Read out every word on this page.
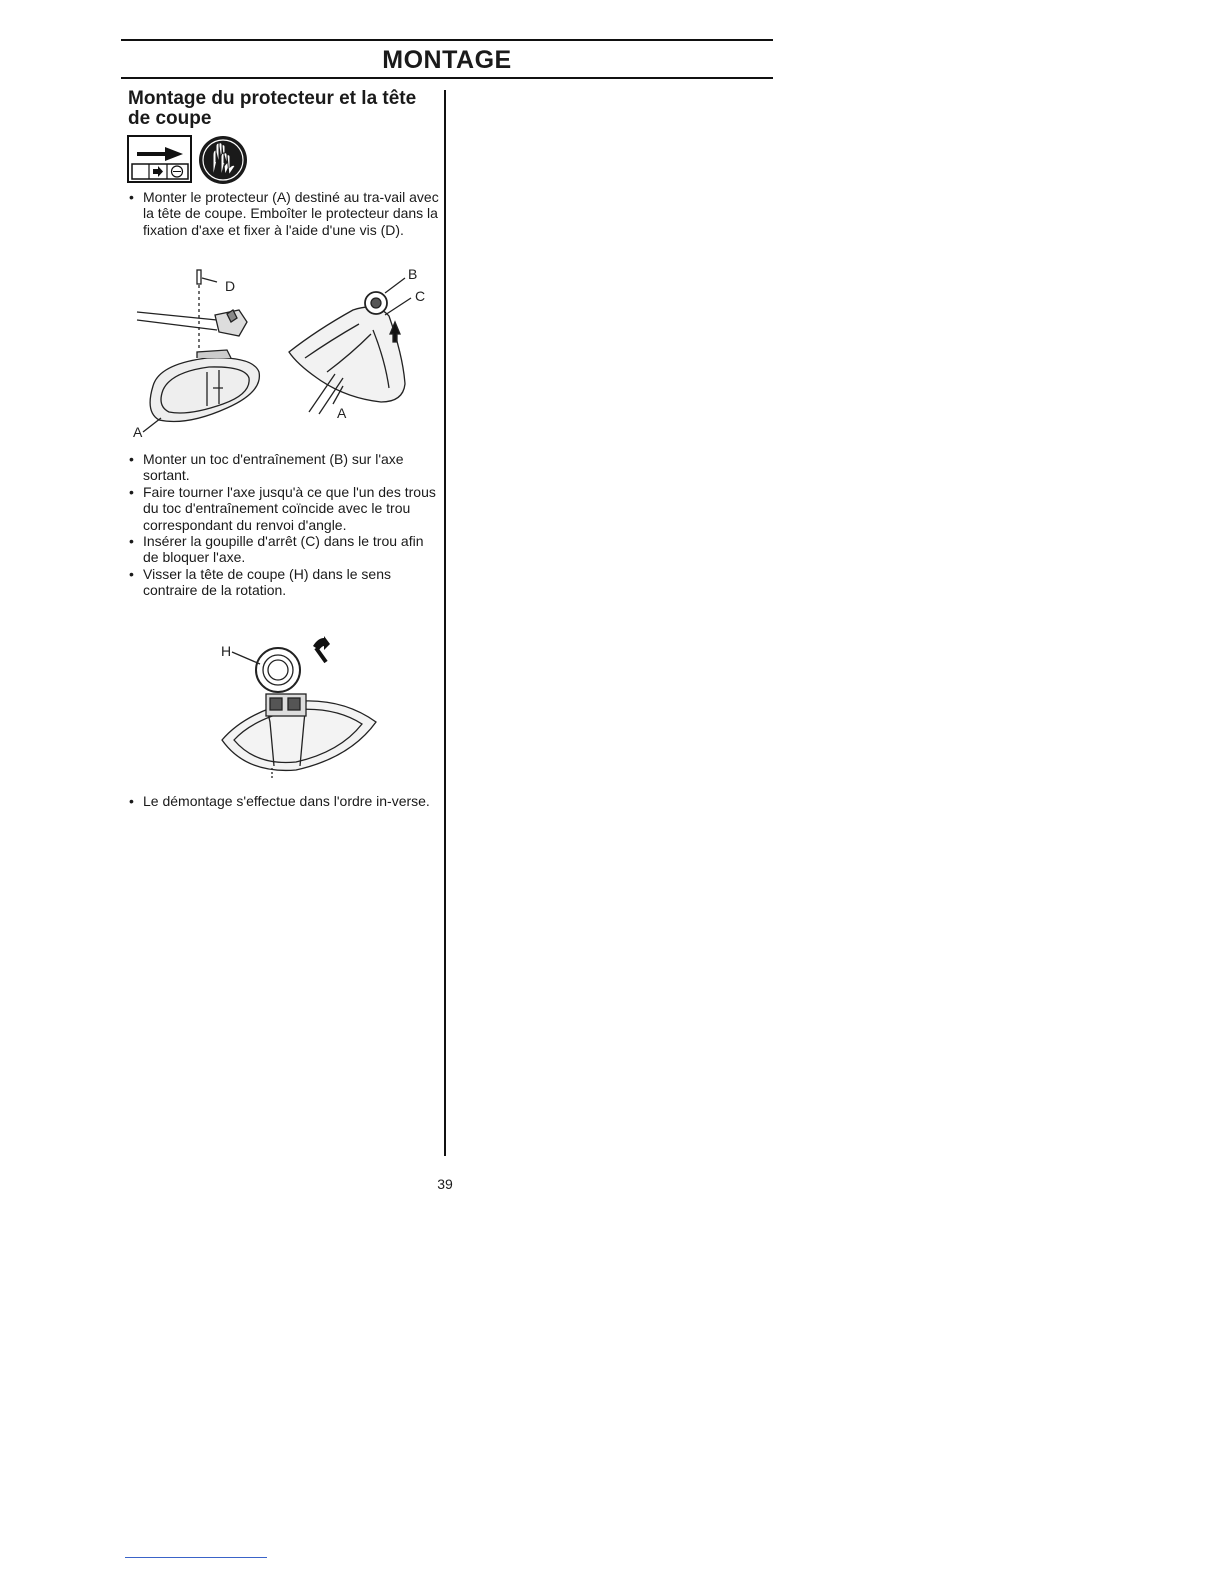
MONTAGE
Montage du protecteur et la tête de coupe
• Monter le protecteur (A) destiné au tra-vail avec la tête de coupe. Emboîter le protecteur dans la fixation d'axe et fixer à l'aide d'une vis (D).
D
A
B
C
A
• Monter un toc d'entraînement (B) sur l'axe sortant.
• Faire tourner l'axe jusqu'à ce que l'un des trous du toc d'entraînement coïncide avec le trou correspondant du renvoi d'angle.
• Insérer la goupille d'arrêt (C) dans le trou afin de bloquer l'axe.
• Visser la tête de coupe (H) dans le sens contraire de la rotation.
H
• Le démontage s'effectue dans l'ordre in-verse.
39
